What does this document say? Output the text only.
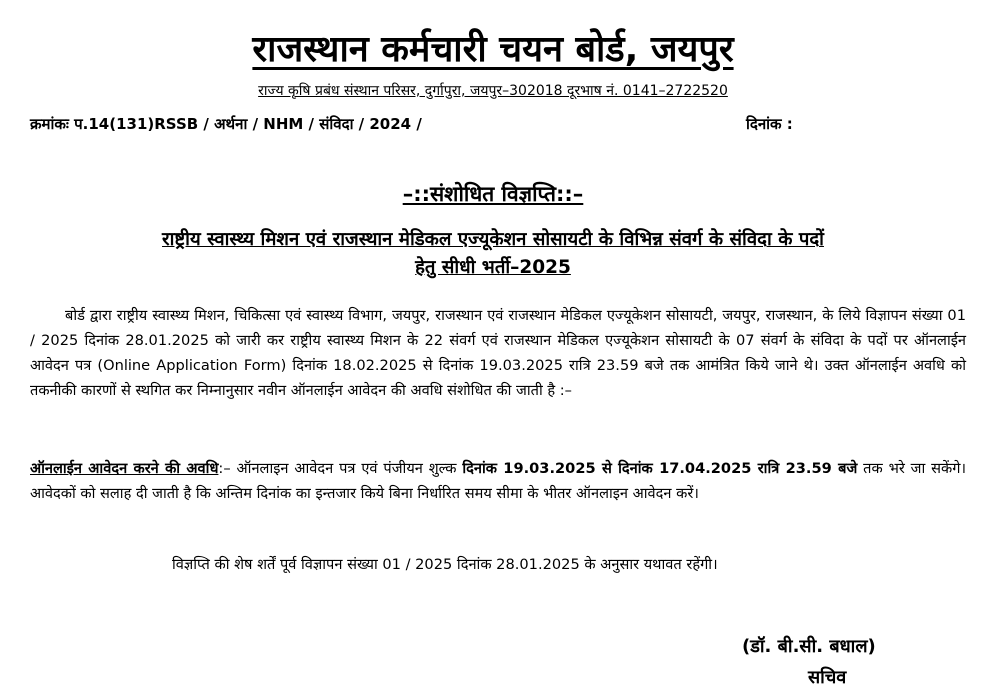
राजस्थान कर्मचारी चयन बोर्ड, जयपुर
राज्य कृषि प्रबंध संस्थान परिसर, दुर्गापुरा, जयपुर–302018 दूरभाष नं. 0141–2722520
क्रमांकः प.14(131)RSSB / अर्थना / NHM / संविदा / 2024 /	दिनांक :
–::संशोधित विज्ञप्ति::–
राष्ट्रीय स्वास्थ्य मिशन एवं राजस्थान मेडिकल एज्यूकेशन सोसायटी के विभिन्न संवर्ग के संविदा के पदों
हेतु सीधी भर्ती–2025
बोर्ड द्वारा राष्ट्रीय स्वास्थ्य मिशन, चिकित्सा एवं स्वास्थ्य विभाग, जयपुर, राजस्थान एवं राजस्थान मेडिकल एज्यूकेशन सोसायटी, जयपुर, राजस्थान, के लिये विज्ञापन संख्या 01 / 2025 दिनांक 28.01.2025 को जारी कर राष्ट्रीय स्वास्थ्य मिशन के 22 संवर्ग एवं राजस्थान मेडिकल एज्यूकेशन सोसायटी के 07 संवर्ग के संविदा के पदों पर ऑनलाईन आवेदन पत्र (Online Application Form) दिनांक 18.02.2025 से दिनांक 19.03.2025 रात्रि 23.59 बजे तक आमंत्रित किये जाने थे। उक्त ऑनलाईन अवधि को तकनीकी कारणों से स्थगित कर निम्नानुसार नवीन ऑनलाईन आवेदन की अवधि संशोधित की जाती है :–
ऑनलाईन आवेदन करने की अवधि:– ऑनलाइन आवेदन पत्र एवं पंजीयन शुल्क दिनांक 19.03.2025 से दिनांक 17.04.2025 रात्रि 23.59 बजे तक भरे जा सकेंगे। आवेदकों को सलाह दी जाती है कि अन्तिम दिनांक का इन्तजार किये बिना निर्धारित समय सीमा के भीतर ऑनलाइन आवेदन करें।
विज्ञप्ति की शेष शर्तें पूर्व विज्ञापन संख्या 01 / 2025 दिनांक 28.01.2025 के अनुसार यथावत रहेंगी।
(डॉ. बी.सी. बधाल)
सचिव
